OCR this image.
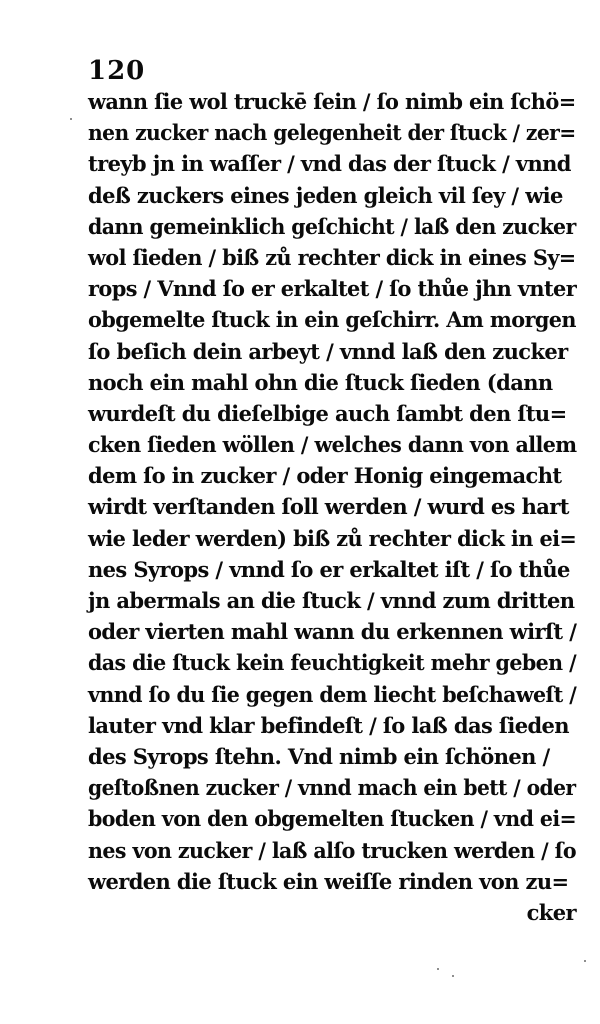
120
wann ſie wol truckē ſein / ſo nimb ein ſchö=
nen zucker nach gelegenheit der ſtuck / zer=
treyb jn in waſſer / vnd das der ſtuck / vnnd
deß zuckers eines jeden gleich vil ſey / wie
dann gemeinklich geſchicht / laß den zucker
wol ſieden / biß zů rechter dick in eines Sy=
rops / Vnnd ſo er erkaltet / ſo thůe jhn vnter
obgemelte ſtuck in ein geſchirr. Am morgen
ſo beſich dein arbeyt / vnnd laß den zucker
noch ein mahl ohn die ſtuck ſieden (dann
wurdeſt du dieſelbige auch ſambt den ſtu=
cken ſieden wöllen / welches dann von allem
dem ſo in zucker / oder Honig eingemacht
wirdt verſtanden ſoll werden / wurd es hart
wie leder werden) biß zů rechter dick in ei=
nes Syrops / vnnd ſo er erkaltet iſt / ſo thůe
jn abermals an die ſtuck / vnnd zum dritten
oder vierten mahl wann du erkennen wirſt /
das die ſtuck kein feuchtigkeit mehr geben /
vnnd ſo du ſie gegen dem liecht beſchaweſt /
lauter vnd klar befindeſt / ſo laß das ſieden
des Syrops ſtehn. Vnd nimb ein ſchönen /
geſtoßnen zucker / vnnd mach ein bett / oder
boden von den obgemelten ſtucken / vnd ei=
nes von zucker / laß alſo trucken werden / ſo
werden die ſtuck ein weiſſe rinden von zu=
cker
